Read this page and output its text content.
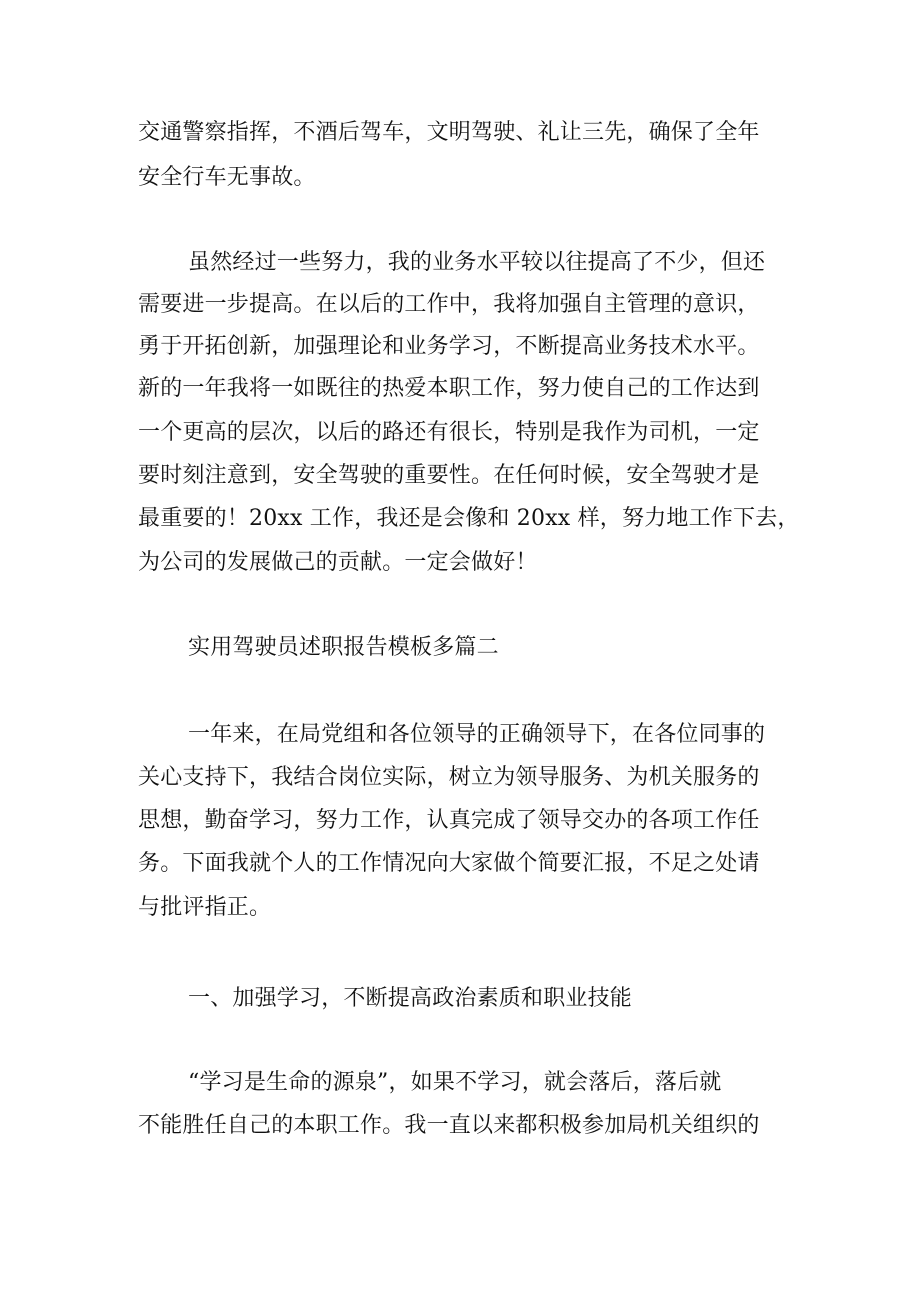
交通警察指挥，不酒后驾车，文明驾驶、礼让三先，确保了全年
安全行车无事故。
虽然经过一些努力，我的业务水平较以往提高了不少，但还
需要进一步提高。在以后的工作中，我将加强自主管理的意识，
勇于开拓创新，加强理论和业务学习，不断提高业务技术水平。
新的一年我将一如既往的热爱本职工作，努力使自己的工作达到
一个更高的层次，以后的路还有很长，特别是我作为司机，一定
要时刻注意到，安全驾驶的重要性。在任何时候，安全驾驶才是
最重要的！20xx 工作，我还是会像和 20xx 样，努力地工作下去，
为公司的发展做己的贡献。一定会做好！
实用驾驶员述职报告模板多篇二
一年来，在局党组和各位领导的正确领导下，在各位同事的
关心支持下，我结合岗位实际，树立为领导服务、为机关服务的
思想，勤奋学习，努力工作，认真完成了领导交办的各项工作任
务。下面我就个人的工作情况向大家做个简要汇报，不足之处请
与批评指正。
一、加强学习，不断提高政治素质和职业技能
“学习是生命的源泉”，如果不学习，就会落后，落后就
不能胜任自己的本职工作。我一直以来都积极参加局机关组织的
